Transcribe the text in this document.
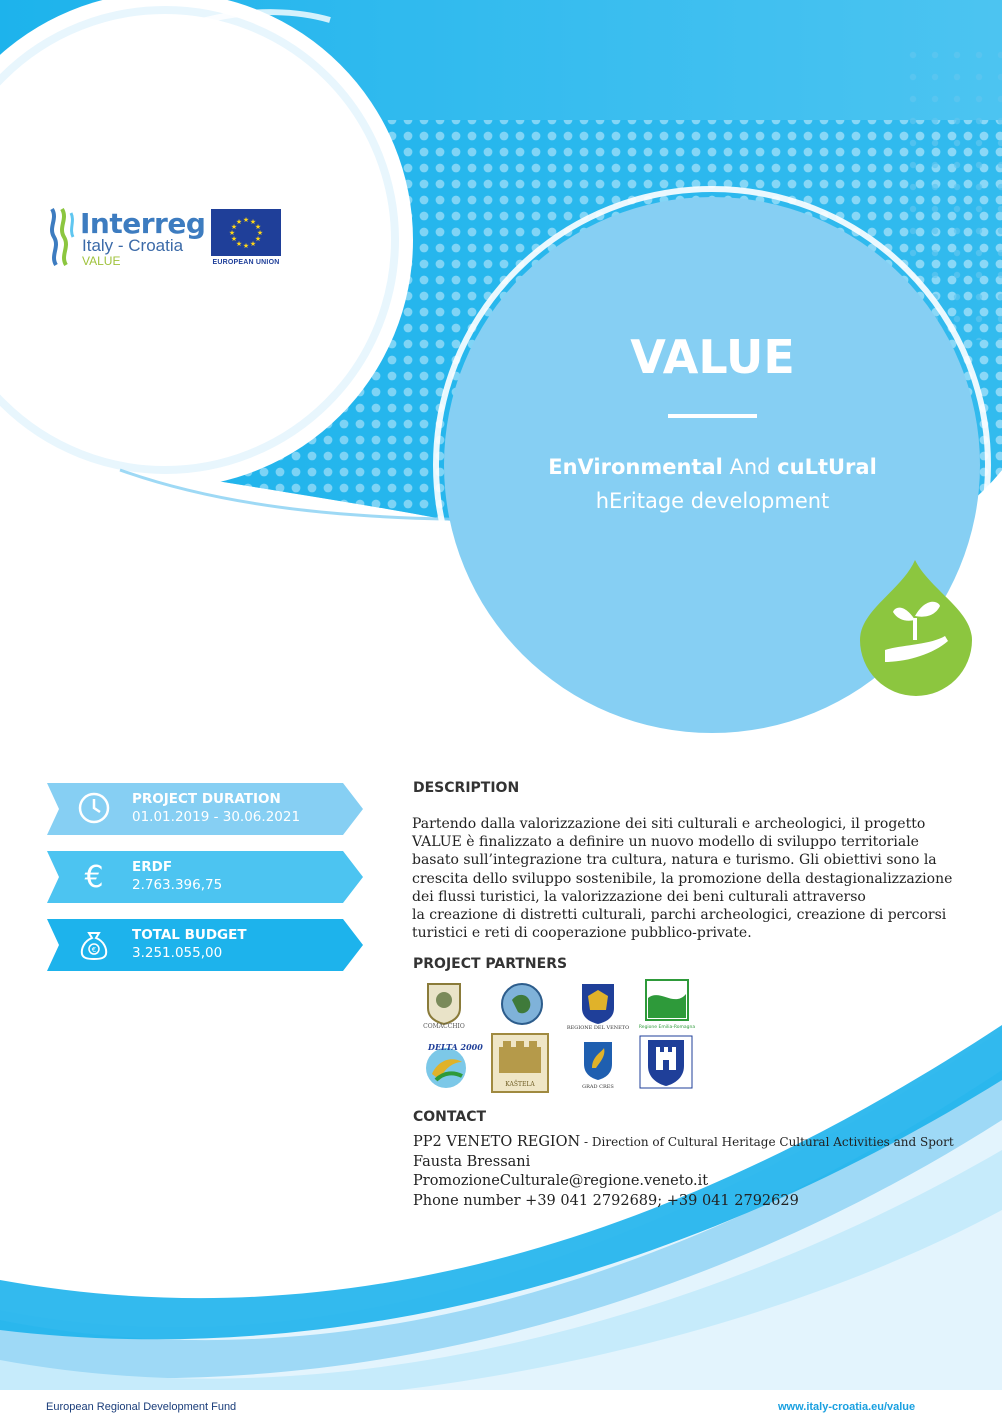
Interreg
Italy - Croatia
VALUE
★ ★
★
★
★
★
★
★
★
★
★
★
EUROPEAN UNION
VALUE
EnVironmental And cuLtUral
hEritage development
PROJECT DURATION
01.01.2019 - 30.06.2021
€ ERDF
2.763.396,75
€
TOTAL BUDGET
3.251.055,00
DESCRIPTION
Partendo dalla valorizzazione dei siti culturali e archeologici, il progetto
VALUE è finalizzato a definire un nuovo modello di sviluppo territoriale
basato sull’integrazione tra cultura, natura e turismo. Gli obiettivi sono la
crescita dello sviluppo sostenibile, la promozione della destagionalizzazione
dei flussi turistici, la valorizzazione dei beni culturali attraverso
la creazione di distretti culturali, parchi archeologici, creazione di percorsi
turistici e reti di cooperazione pubblico-private.
PROJECT PARTNERS
COMACCHIO	REGIONE DEL VENETO Regione Emilia-Romagna
DELTA 2000
KAŠTELA	GRAD CRES
CONTACT
PP2 VENETO REGION - Direction of Cultural Heritage Cultural Activities and Sport
Fausta Bressani
PromozioneCulturale@regione.veneto.it
Phone number +39 041 2792689; +39 041 2792629
European Regional Development Fund	www.italy-croatia.eu/value
